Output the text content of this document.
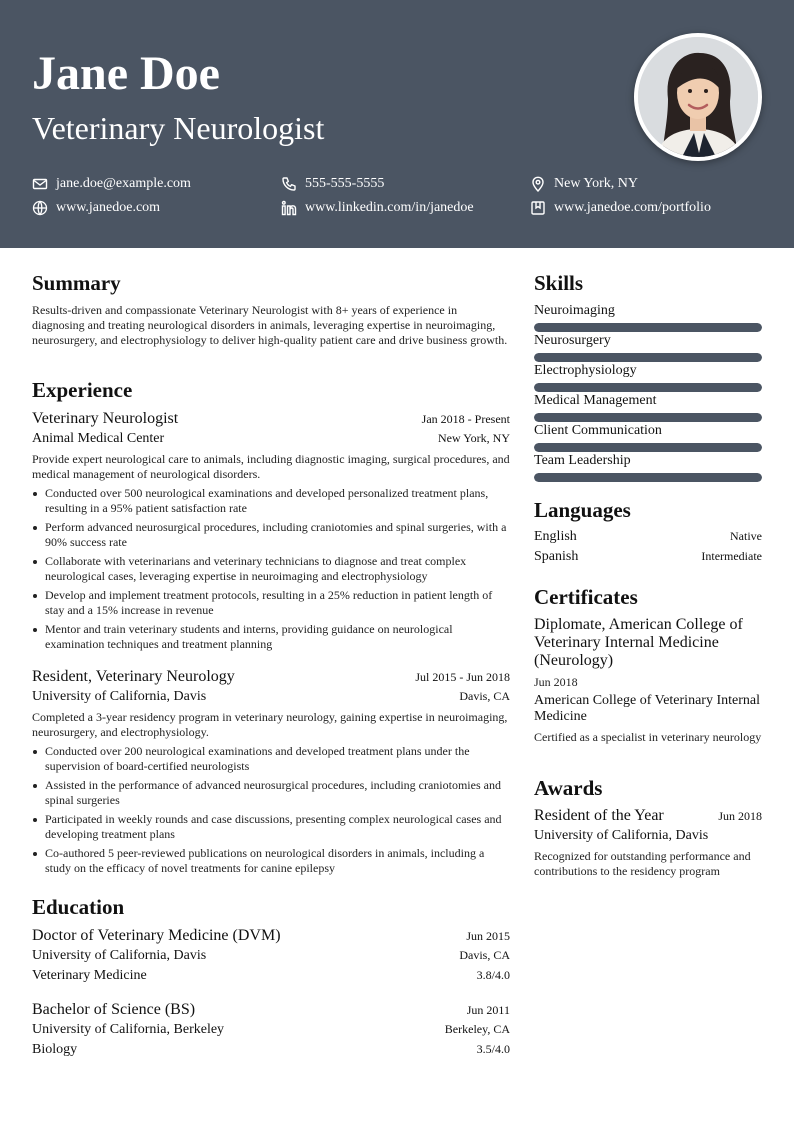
Jane Doe
Veterinary Neurologist
jane.doe@example.com	555-555-5555	New York, NY
www.janedoe.com	www.linkedin.com/in/janedoe	www.janedoe.com/portfolio
Summary
Results-driven and compassionate Veterinary Neurologist with 8+ years of experience in diagnosing and treating neurological disorders in animals, leveraging expertise in neuroimaging, neurosurgery, and electrophysiology to deliver high-quality patient care and drive business growth.
Experience
Veterinary Neurologist	Jan 2018 - Present
Animal Medical Center	New York, NY
Provide expert neurological care to animals, including diagnostic imaging, surgical procedures, and medical management of neurological disorders.
Conducted over 500 neurological examinations and developed personalized treatment plans, resulting in a 95% patient satisfaction rate
Perform advanced neurosurgical procedures, including craniotomies and spinal surgeries, with a 90% success rate
Collaborate with veterinarians and veterinary technicians to diagnose and treat complex neurological cases, leveraging expertise in neuroimaging and electrophysiology
Develop and implement treatment protocols, resulting in a 25% reduction in patient length of stay and a 15% increase in revenue
Mentor and train veterinary students and interns, providing guidance on neurological examination techniques and treatment planning
Resident, Veterinary Neurology	Jul 2015 - Jun 2018
University of California, Davis	Davis, CA
Completed a 3-year residency program in veterinary neurology, gaining expertise in neuroimaging, neurosurgery, and electrophysiology.
Conducted over 200 neurological examinations and developed treatment plans under the supervision of board-certified neurologists
Assisted in the performance of advanced neurosurgical procedures, including craniotomies and spinal surgeries
Participated in weekly rounds and case discussions, presenting complex neurological cases and developing treatment plans
Co-authored 5 peer-reviewed publications on neurological disorders in animals, including a study on the efficacy of novel treatments for canine epilepsy
Education
Doctor of Veterinary Medicine (DVM)	Jun 2015
University of California, Davis	Davis, CA
Veterinary Medicine	3.8/4.0
Bachelor of Science (BS)	Jun 2011
University of California, Berkeley	Berkeley, CA
Biology	3.5/4.0
Skills
Neuroimaging
Neurosurgery
Electrophysiology
Medical Management
Client Communication
Team Leadership
Languages
English	Native
Spanish	Intermediate
Certificates
Diplomate, American College of Veterinary Internal Medicine (Neurology)
Jun 2018
American College of Veterinary Internal Medicine
Certified as a specialist in veterinary neurology
Awards
Resident of the Year	Jun 2018
University of California, Davis
Recognized for outstanding performance and contributions to the residency program
